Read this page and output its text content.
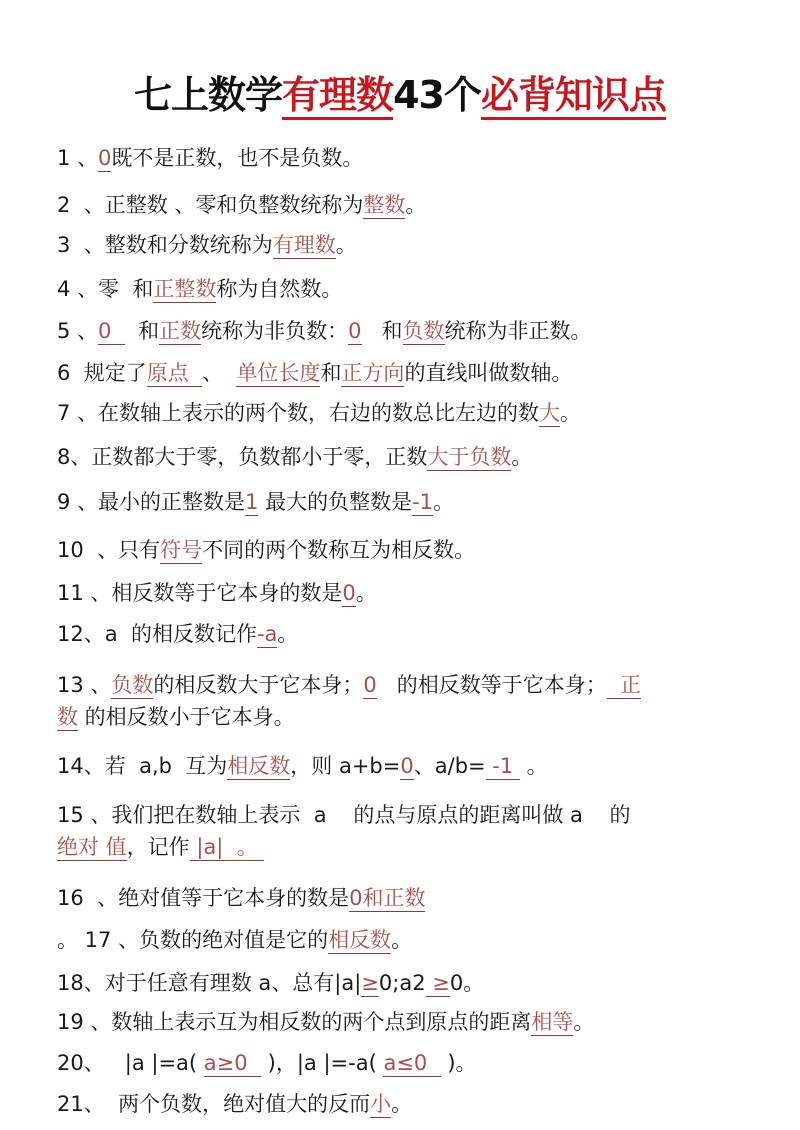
七上数学有理数43个必背知识点
1 、0既不是正数，也不是负数。
2  、正整数 、零和负整数统称为整数。
3  、整数和分数统称为有理数。
4 、零  和正整数称为自然数。
5 、0    和正数统称为非负数：0   和负数统称为非正数。
6  规定了原点  、  单位长度和正方向的直线叫做数轴。
7 、在数轴上表示的两个数，右边的数总比左边的数大。
8、正数都大于零，负数都小于零，正数大于负数。
9 、最小的正整数是1 最大的负整数是-1。
10  、只有符号不同的两个数称互为相反数。
11 、相反数等于它本身的数是0。
12、a  的相反数记作-a。
13 、负数的相反数大于它本身；0   的相反数等于它本身；  正
数 的相反数小于它本身。
14、若  a,b  互为相反数，则 a+b=0、a/b= -1  。
15 、我们把在数轴上表示  a    的点与原点的距离叫做 a    的
绝对 值，记作 |a|  。
16  、绝对值等于它本身的数是0和正数
。 17 、负数的绝对值是它的相反数。
18、对于任意有理数 a、总有|a|≥0;a2 ≥0。
19 、数轴上表示互为相反数的两个点到原点的距离相等。
20、   |a |=a( a≥0   )，|a |=-a( a≤0   )。
21、  两个负数，绝对值大的反而小。
